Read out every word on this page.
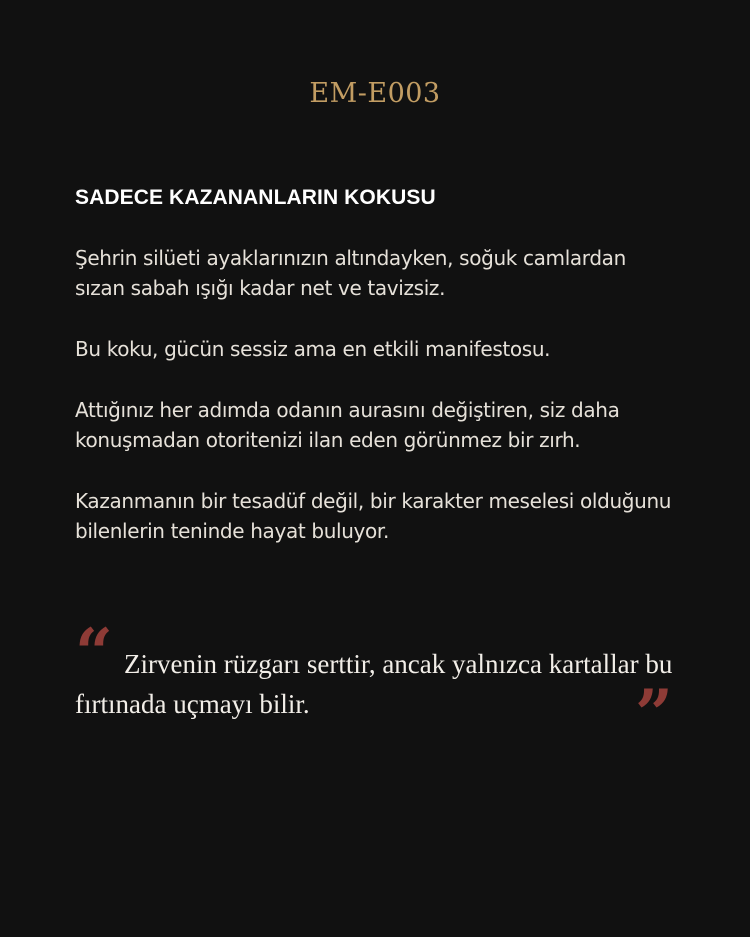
EM-E003
SADECE KAZANANLARIN KOKUSU

Şehrin silüeti ayaklarınızın altındayken, soğuk camlardan sızan sabah ışığı kadar net ve tavizsiz.

Bu koku, gücün sessiz ama en etkili manifestosu.

Attığınız her adımda odanın aurasını değiştiren, siz daha konuşmadan otoritenizi ilan eden görünmez bir zırh.

Kazanmanın bir tesadüf değil, bir karakter meselesi olduğunu bilenlerin teninde hayat buluyor.

“ Zirvenin rüzgarı serttir, ancak yalnızca kartallar bu fırtınada uçmayı bilir.	”
